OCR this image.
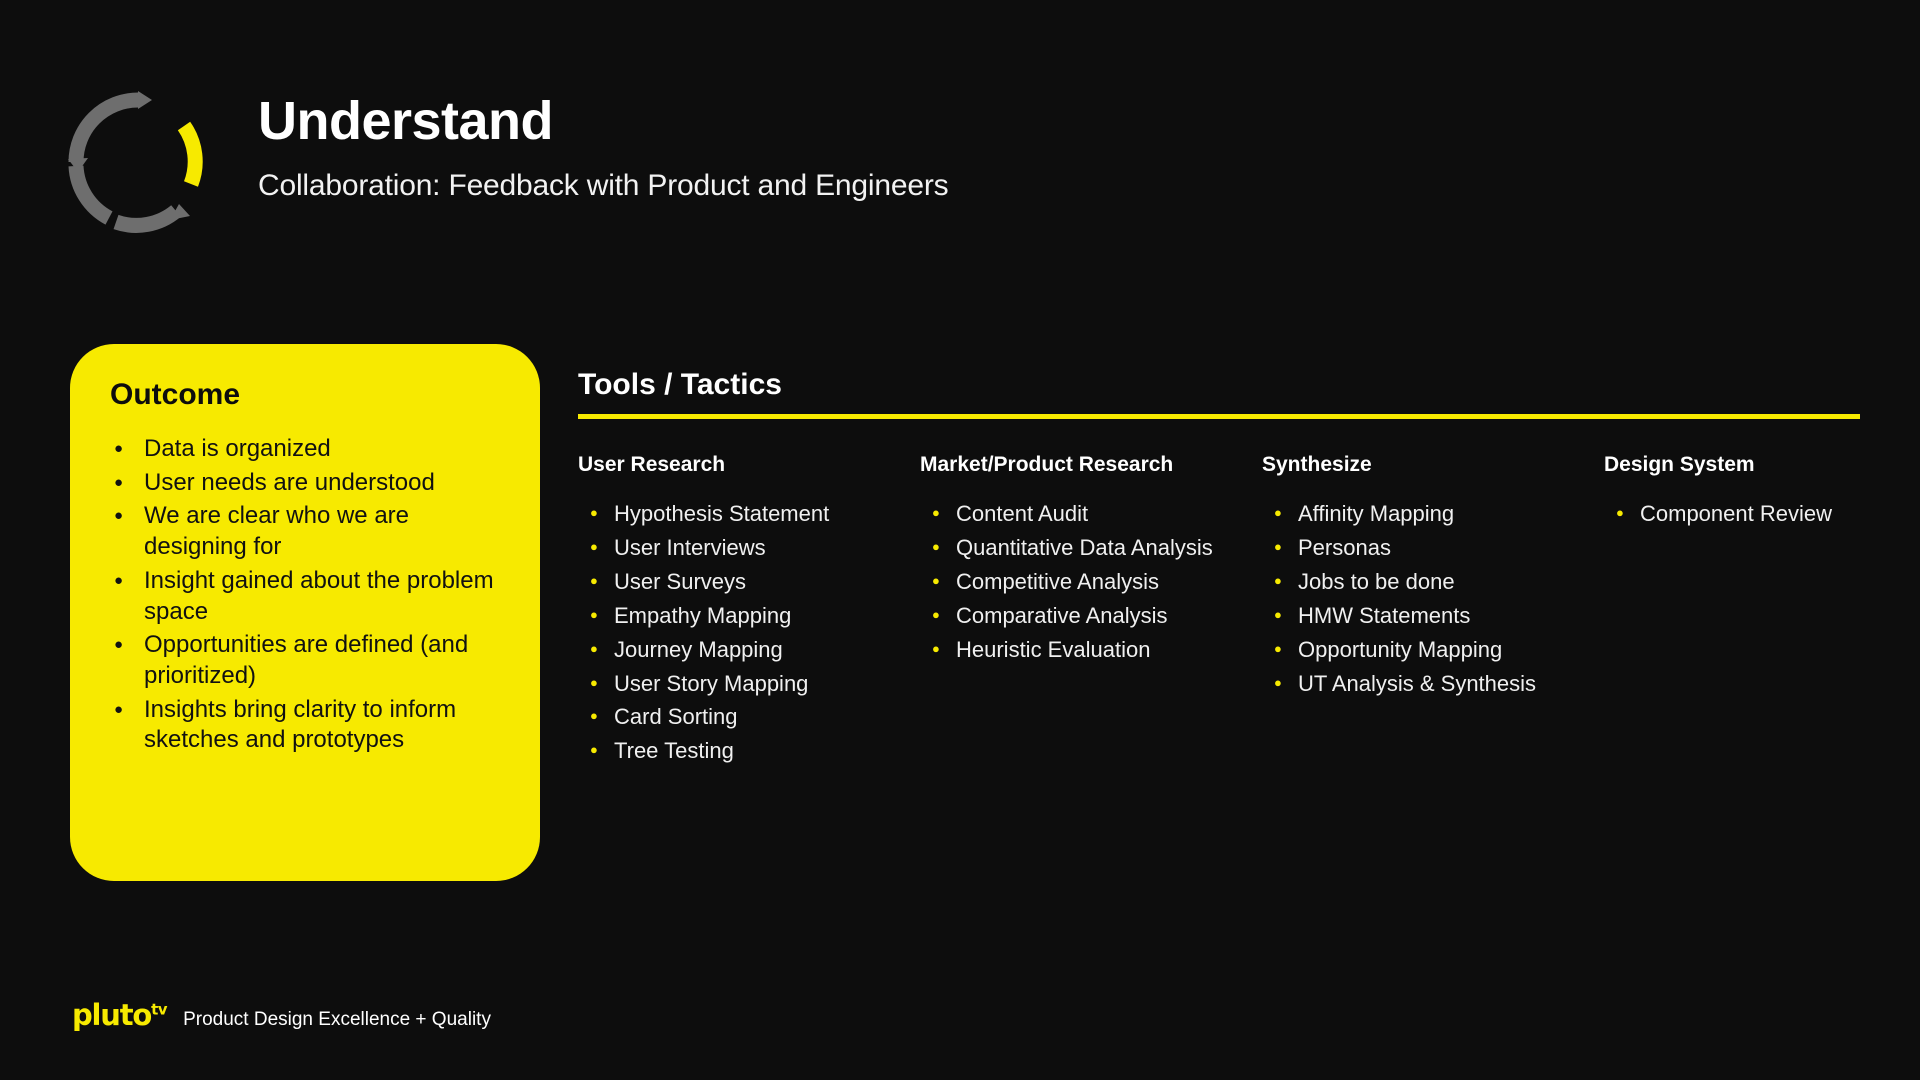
Understand
Collaboration: Feedback with Product and Engineers
Outcome
● Data is organized
● User needs are understood
● We are clear who we are designing for
● Insight gained about the problem space
● Opportunities are defined (and prioritized)
● Insights bring clarity to inform sketches and prototypes
Tools / Tactics
User Research
● Hypothesis Statement
● User Interviews
● User Surveys
● Empathy Mapping
● Journey Mapping
● User Story Mapping
● Card Sorting
● Tree Testing
Market/Product Research
● Content Audit
● Quantitative Data Analysis
● Competitive Analysis
● Comparative Analysis
● Heuristic Evaluation
Synthesize
● Affinity Mapping
● Personas
● Jobs to be done
● HMW Statements
● Opportunity Mapping
● UT Analysis & Synthesis
Design System
● Component Review
pluto$^{tv}$ Product Design Excellence + Quality
